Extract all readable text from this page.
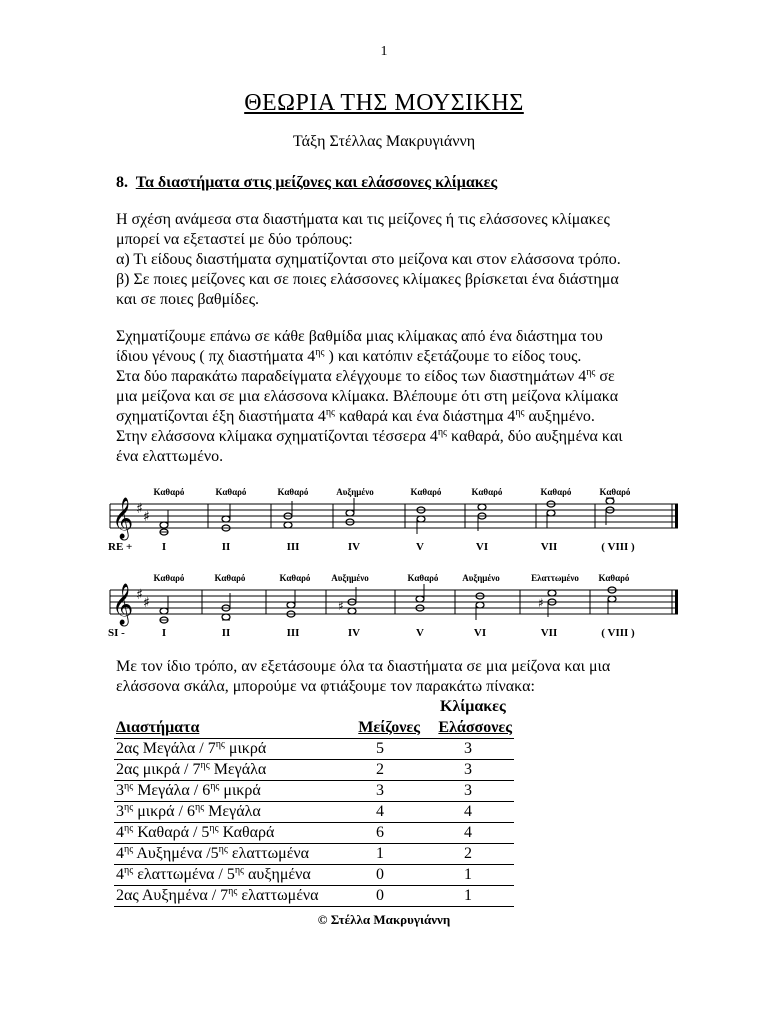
1
ΘΕΩΡΙΑ ΤΗΣ ΜΟΥΣΙΚΗΣ
Τάξη Στέλλας Μακρυγιάννη
8. Τα διαστήματα στις μείζονες και ελάσσονες κλίμακες
Η σχέση ανάμεσα στα διαστήματα και τις μείζονες ή τις ελάσσονες κλίμακες
μπορεί να εξεταστεί με δύο τρόπους:
α) Τι είδους διαστήματα σχηματίζονται στο μείζονα και στον ελάσσονα τρόπο.
β) Σε ποιες μείζονες και σε ποιες ελάσσονες κλίμακες βρίσκεται ένα διάστημα
και σε ποιες βαθμίδες.
Σχηματίζουμε επάνω σε κάθε βαθμίδα μιας κλίμακας από ένα διάστημα του
ίδιου γένους ( πχ διαστήματα $4^{\eta\varsigma}$ ) και κατόπιν εξετάζουμε το είδος τους.
Στα δύο παρακάτω παραδείγματα ελέγχουμε το είδος των διαστημάτων $4^{\eta\varsigma}$ σε
μια μείζονα και σε μια ελάσσονα κλίμακα. Βλέπουμε ότι στη μείζονα κλίμακα
σχηματίζονται έξη διαστήματα $4^{\eta\varsigma}$ καθαρά και ένα διάστημα $4^{\eta\varsigma}$ αυξημένο.
Στην ελάσσονα κλίμακα σχηματίζονται τέσσερα $4^{\eta\varsigma}$ καθαρά, δύο αυξημένα και
ένα ελαττωμένο.
Καθαρό	Καθαρό	Καθαρό	Αυξημένο	Καθαρό	Καθαρό	Καθαρό	Καθαρό
𝄞 ♯ ♯
RE +	I	II	III	IV	V	VI	VII	( VIII )
Καθαρό	Καθαρό	Καθαρό Αυξημένο	Καθαρό	Αυξημένο	Ελαττωμένο Καθαρό
𝄞 ♯ ♯	♯	♯
SI -	I	II	III	IV	V	VI	VII	( VIII )
Με τον ίδιο τρόπο, αν εξετάσουμε όλα τα διαστήματα σε μια μείζονα και μια
ελάσσονα σκάλα, μπορούμε να φτιάξουμε τον παρακάτω πίνακα:
Κλίμακες
Διαστήματα	Μείζονες	Ελάσσονες
2ας Μεγάλα / $7^{\eta\varsigma}$ μικρά	5	3
2ας μικρά / $7^{\eta\varsigma}$ Μεγάλα	2	3
$3^{\eta\varsigma}$ Μεγάλα / $6^{\eta\varsigma}$ μικρά	3	3
$3^{\eta\varsigma}$ μικρά / $6^{\eta\varsigma}$ Μεγάλα	4	4
$4^{\eta\varsigma}$ Καθαρά / $5^{\eta\varsigma}$ Καθαρά	6	4
$4^{\eta\varsigma}$ Αυξημένα $/5^{\eta\varsigma}$ ελαττωμένα	1	2
$4^{\eta\varsigma}$ ελαττωμένα / $5^{\eta\varsigma}$ αυξημένα	0	1
2ας Αυξημένα / $7^{\eta\varsigma}$ ελαττωμένα	0	1
© Στέλλα Μακρυγιάννη
